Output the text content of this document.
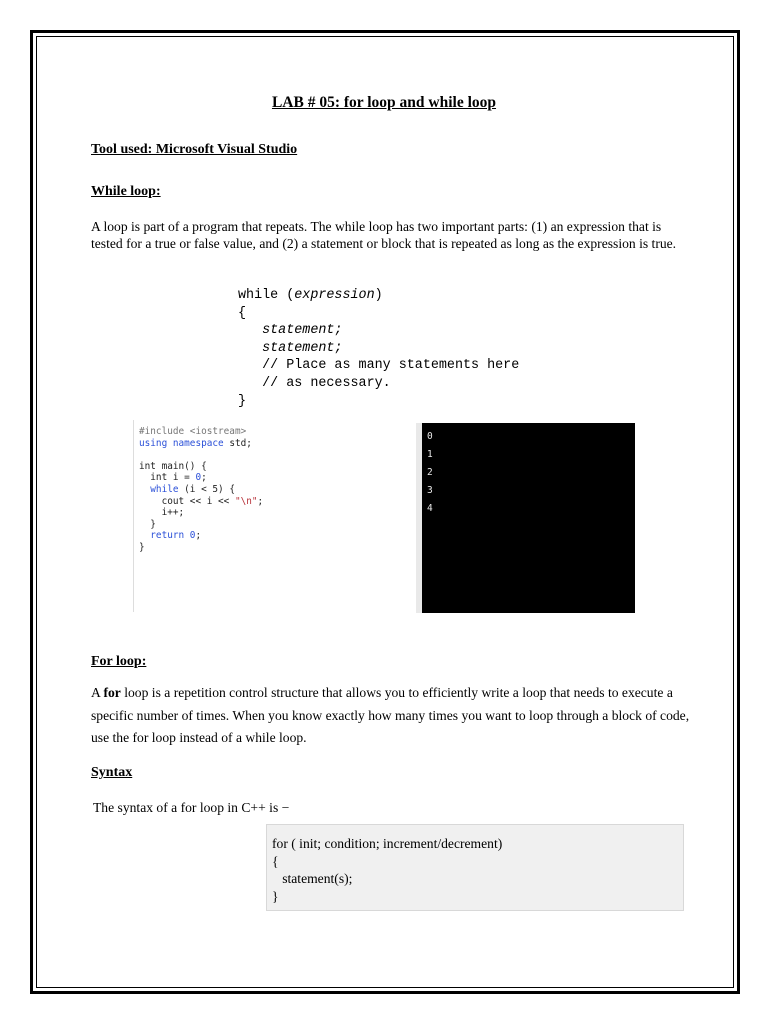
LAB # 05: for loop and while loop
Tool used: Microsoft Visual Studio
While loop:
A loop is part of a program that repeats. The while loop has two important parts: (1) an expression that is tested for a true or false value, and (2) a statement or block that is repeated as long as the expression is true.
while (expression)
{
statement;
statement;
// Place as many statements here
// as necessary.
}
#include <iostream>
using namespace std;

int main() {
int i = 0;
while (i < 5) {
cout << i << "\n";
i++;
}
return 0;
}
0
1
2
3
4
For loop:
A for loop is a repetition control structure that allows you to efficiently write a loop that needs to execute a specific number of times. When you know exactly how many times you want to loop through a block of code, use the for loop instead of a while loop.
Syntax
The syntax of a for loop in C++ is −
for ( init; condition; increment/decrement)
{
statement(s);
}
